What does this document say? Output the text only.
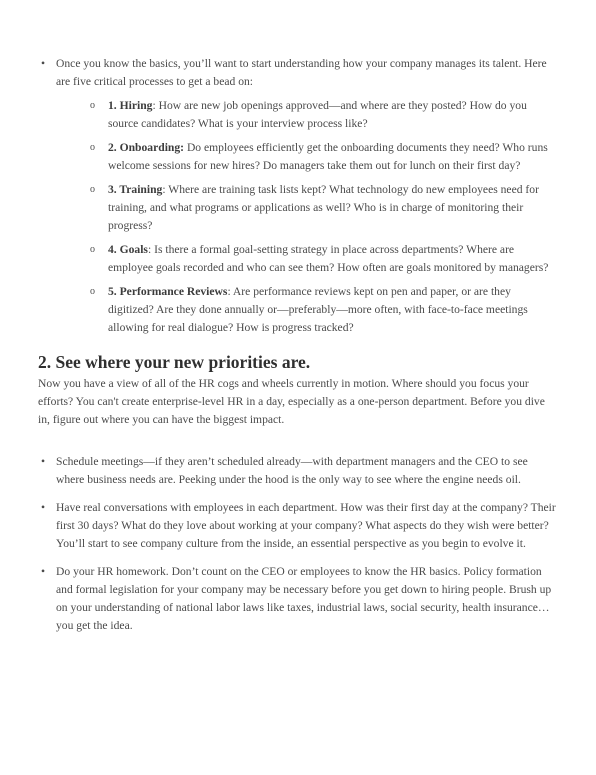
• Once you know the basics, you’ll want to start understanding how your company manages its talent. Here are five critical processes to get a bead on:
o 1. Hiring: How are new job openings approved—and where are they posted? How do you source candidates? What is your interview process like?
o 2. Onboarding: Do employees efficiently get the onboarding documents they need? Who runs welcome sessions for new hires? Do managers take them out for lunch on their first day?
o 3. Training: Where are training task lists kept? What technology do new employees need for training, and what programs or applications as well? Who is in charge of monitoring their progress?
o 4. Goals: Is there a formal goal-setting strategy in place across departments? Where are employee goals recorded and who can see them? How often are goals monitored by managers?
o 5. Performance Reviews: Are performance reviews kept on pen and paper, or are they digitized? Are they done annually or—preferably—more often, with face-to-face meetings allowing for real dialogue? How is progress tracked?
2. See where your new priorities are.

Now you have a view of all of the HR cogs and wheels currently in motion. Where should you focus your efforts? You can't create enterprise-level HR in a day, especially as a one-person department. Before you dive in, figure out where you can have the biggest impact.

• Schedule meetings—if they aren’t scheduled already—with department managers and the CEO to see where business needs are. Peeking under the hood is the only way to see where the engine needs oil.
• Have real conversations with employees in each department. How was their first day at the company? Their first 30 days? What do they love about working at your company? What aspects do they wish were better? You’ll start to see company culture from the inside, an essential perspective as you begin to evolve it.
• Do your HR homework. Don’t count on the CEO or employees to know the HR basics. Policy formation and formal legislation for your company may be necessary before you get down to hiring people. Brush up on your understanding of national labor laws like taxes, industrial laws, social security, health insurance… you get the idea.
